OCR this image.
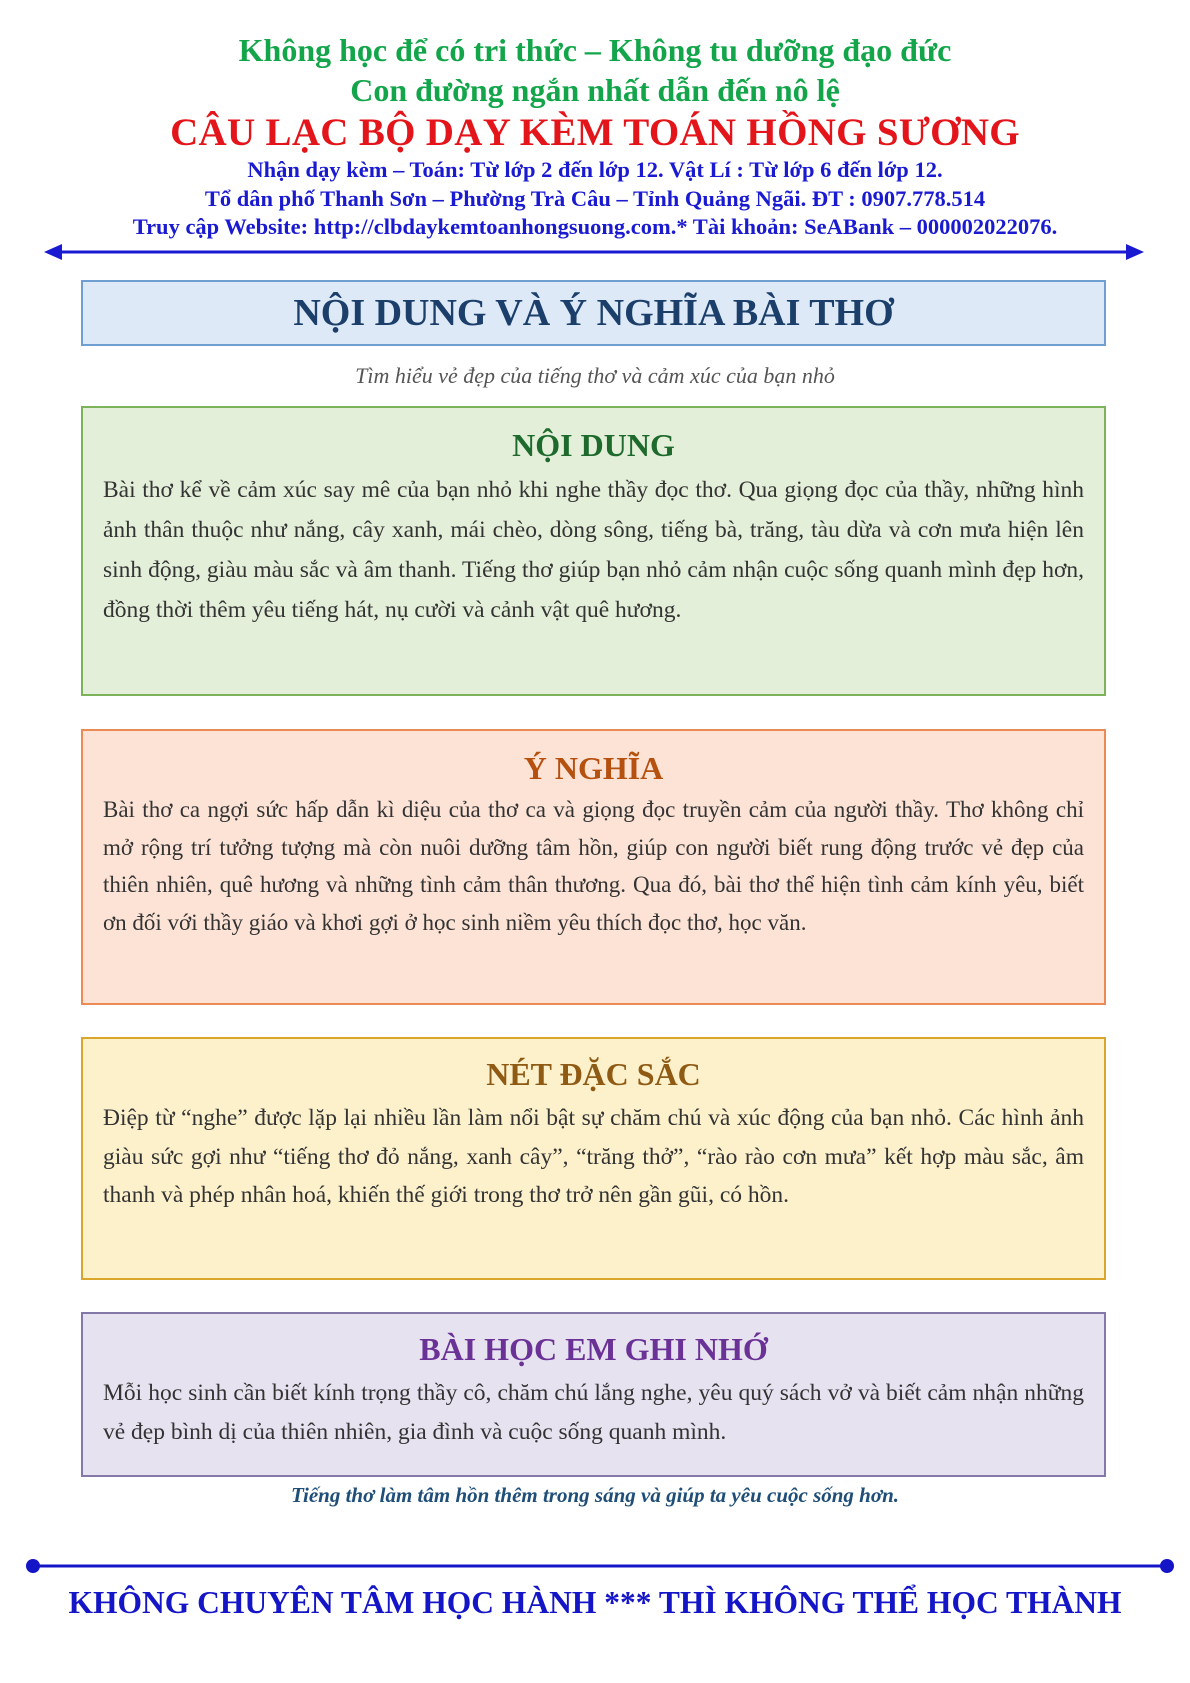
Không học để có tri thức – Không tu dưỡng đạo đức
Con đường ngắn nhất dẫn đến nô lệ
CÂU LẠC BỘ DẠY KÈM TOÁN HỒNG SƯƠNG
Nhận dạy kèm – Toán: Từ lớp 2 đến lớp 12. Vật Lí : Từ lớp 6 đến lớp 12.
Tổ dân phố Thanh Sơn – Phường Trà Câu – Tỉnh Quảng Ngãi. ĐT : 0907.778.514
Truy cập Website: http://clbdaykemtoanhongsuong.com.* Tài khoản: SeABank – 000002022076.
NỘI DUNG VÀ Ý NGHĨA BÀI THƠ
Tìm hiểu vẻ đẹp của tiếng thơ và cảm xúc của bạn nhỏ
NỘI DUNG
Bài thơ kể về cảm xúc say mê của bạn nhỏ khi nghe thầy đọc thơ. Qua giọng đọc của thầy, những hình ảnh thân thuộc như nắng, cây xanh, mái chèo, dòng sông, tiếng bà, trăng, tàu dừa và cơn mưa hiện lên sinh động, giàu màu sắc và âm thanh. Tiếng thơ giúp bạn nhỏ cảm nhận cuộc sống quanh mình đẹp hơn, đồng thời thêm yêu tiếng hát, nụ cười và cảnh vật quê hương.
Ý NGHĨA
Bài thơ ca ngợi sức hấp dẫn kì diệu của thơ ca và giọng đọc truyền cảm của người thầy. Thơ không chỉ mở rộng trí tưởng tượng mà còn nuôi dưỡng tâm hồn, giúp con người biết rung động trước vẻ đẹp của thiên nhiên, quê hương và những tình cảm thân thương. Qua đó, bài thơ thể hiện tình cảm kính yêu, biết ơn đối với thầy giáo và khơi gợi ở học sinh niềm yêu thích đọc thơ, học văn.
NÉT ĐẶC SẮC
Điệp từ “nghe” được lặp lại nhiều lần làm nổi bật sự chăm chú và xúc động của bạn nhỏ. Các hình ảnh giàu sức gợi như “tiếng thơ đỏ nắng, xanh cây”, “trăng thở”, “rào rào cơn mưa” kết hợp màu sắc, âm thanh và phép nhân hoá, khiến thế giới trong thơ trở nên gần gũi, có hồn.
BÀI HỌC EM GHI NHỚ
Mỗi học sinh cần biết kính trọng thầy cô, chăm chú lắng nghe, yêu quý sách vở và biết cảm nhận những vẻ đẹp bình dị của thiên nhiên, gia đình và cuộc sống quanh mình.
Tiếng thơ làm tâm hồn thêm trong sáng và giúp ta yêu cuộc sống hơn.
KHÔNG CHUYÊN TÂM HỌC HÀNH *** THÌ KHÔNG THỂ HỌC THÀNH
